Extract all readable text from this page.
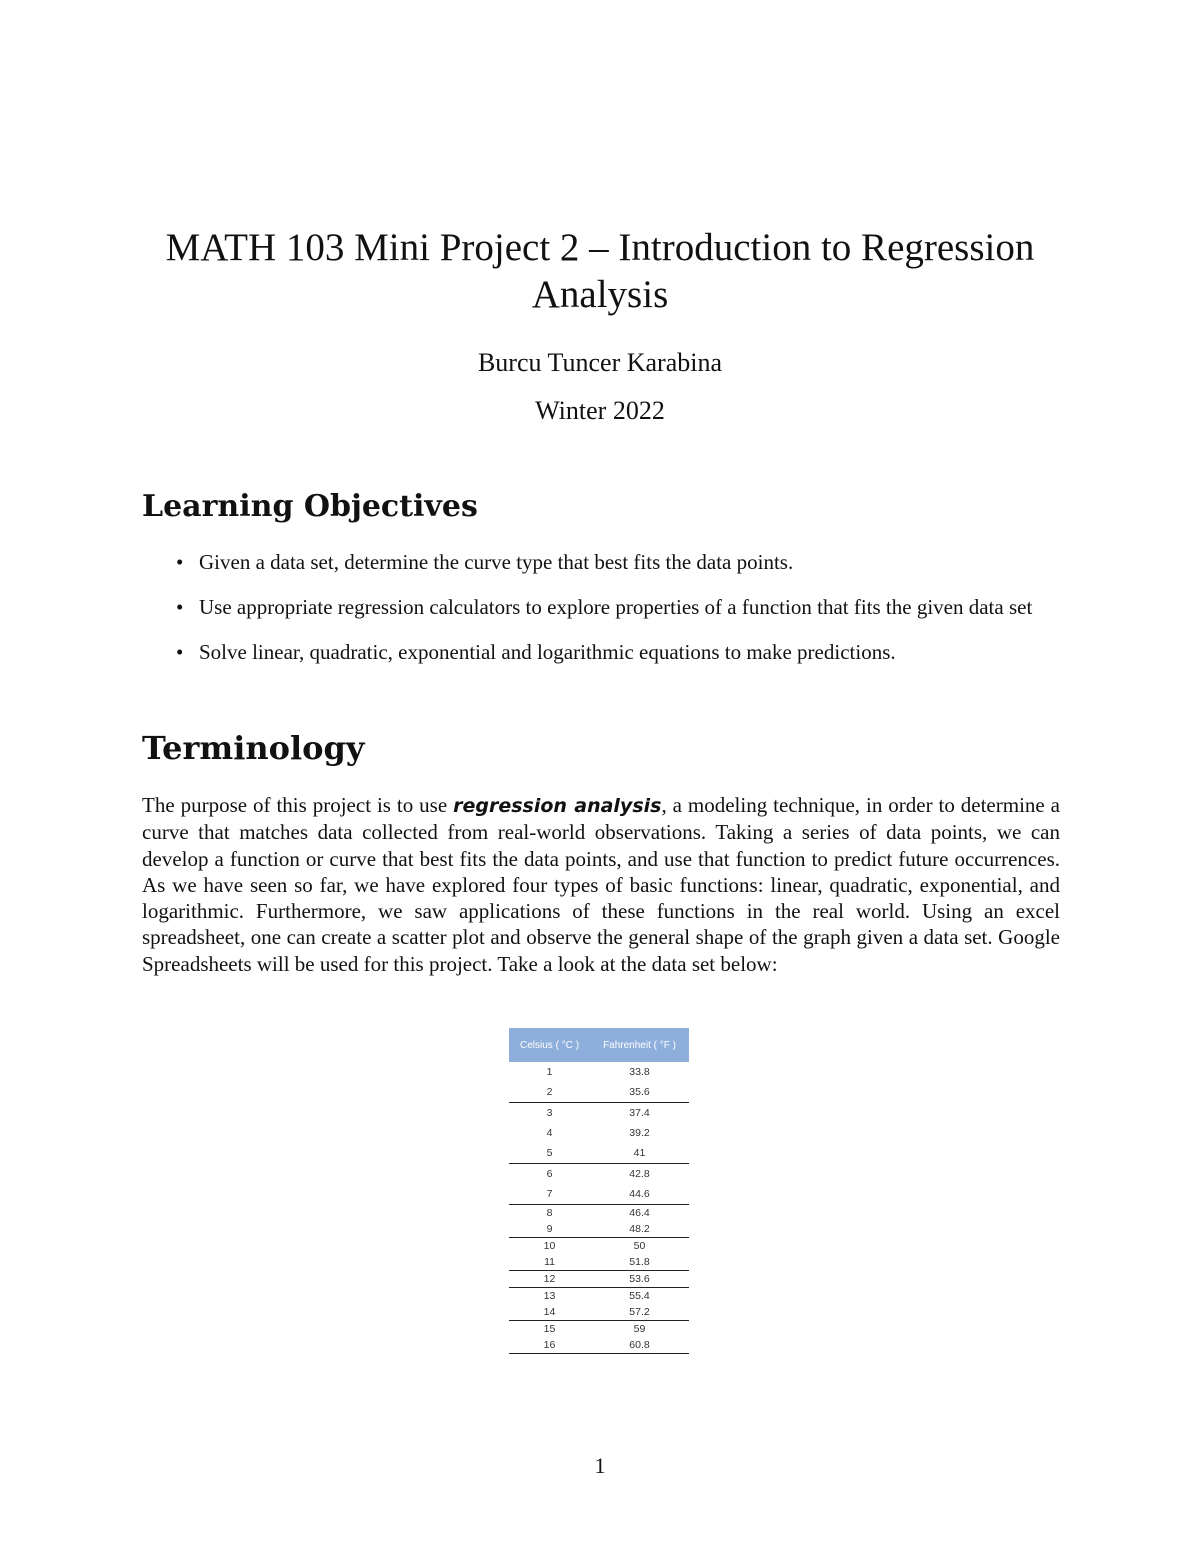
MATH 103 Mini Project 2 – Introduction to Regression Analysis
Burcu Tuncer Karabina
Winter 2022
Learning Objectives
• Given a data set, determine the curve type that best fits the data points.
• Use appropriate regression calculators to explore properties of a function that fits the given data set
• Solve linear, quadratic, exponential and logarithmic equations to make predictions.
Terminology

The purpose of this project is to use regression analysis, a modeling technique, in order to determine a curve that matches data collected from real-world observations. Taking a series of data points, we can develop a function or curve that best fits the data points, and use that function to predict future occurrences. As we have seen so far, we have explored four types of basic functions: linear, quadratic, exponential, and logarithmic. Furthermore, we saw applications of these functions in the real world. Using an excel spreadsheet, one can create a scatter plot and observe the general shape of the graph given a data set. Google Spreadsheets will be used for this project. Take a look at the data set below:

Celsius ( °C )	Fahrenheit ( °F )
1	33.8
2	35.6
3	37.4
4	39.2
5	41
6	42.8
7	44.6
8	46.4
9	48.2
10	50
11	51.8
12	53.6
13	55.4
14	57.2
15	59
16	60.8
1
